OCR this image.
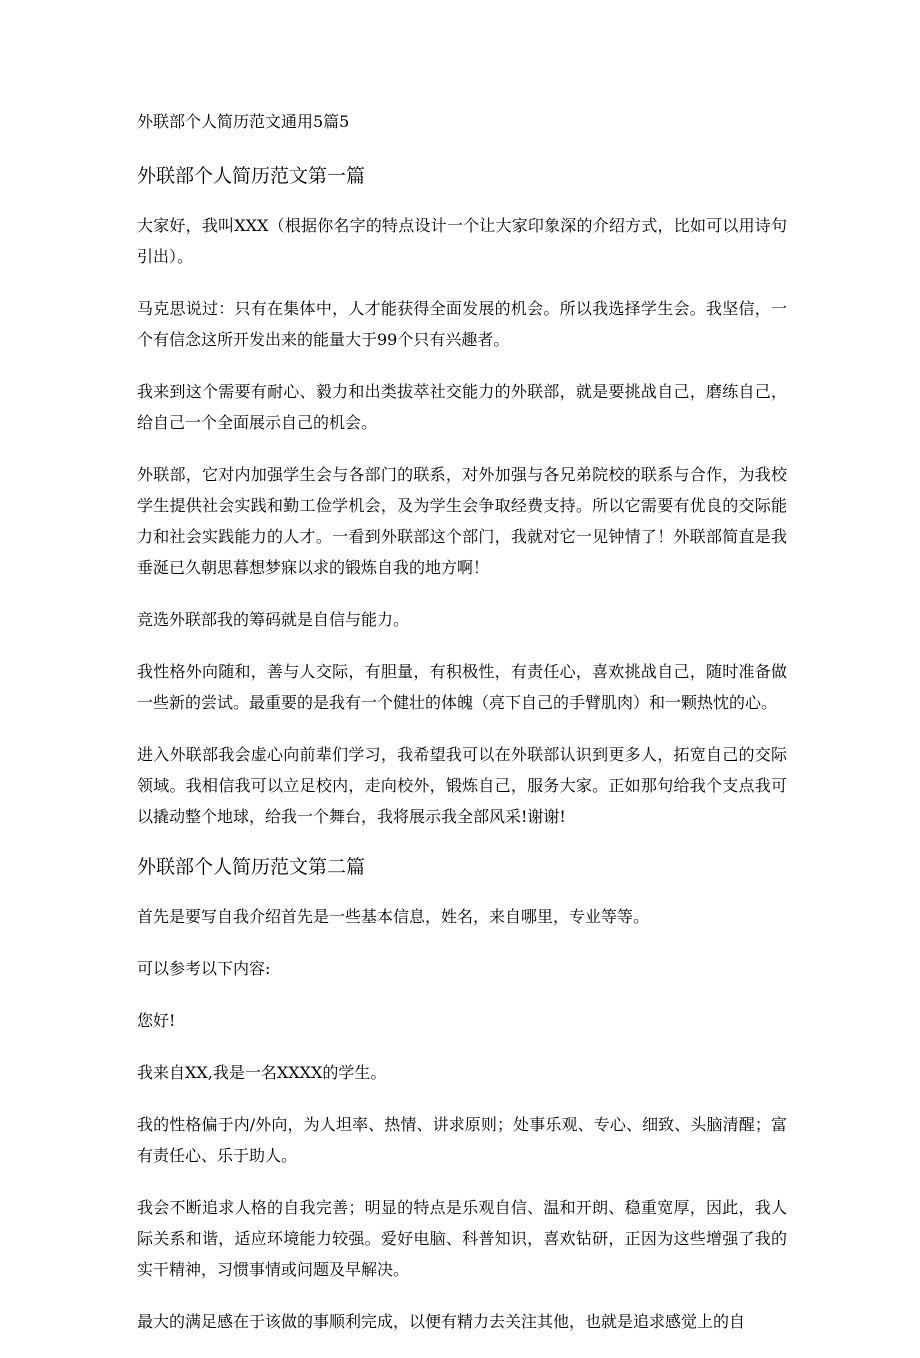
外联部个人简历范文通用5篇5
外联部个人简历范文第一篇

大家好，我叫XXX（根据你名字的特点设计一个让大家印象深的介绍方式，比如可以用诗句引出）。

马克思说过：只有在集体中，人才能获得全面发展的机会。所以我选择学生会。我坚信，一个有信念这所开发出来的能量大于99个只有兴趣者。

我来到这个需要有耐心、毅力和出类拔萃社交能力的外联部，就是要挑战自己，磨练自己，给自己一个全面展示自己的机会。

外联部，它对内加强学生会与各部门的联系，对外加强与各兄弟院校的联系与合作，为我校学生提供社会实践和勤工俭学机会，及为学生会争取经费支持。所以它需要有优良的交际能力和社会实践能力的人才。一看到外联部这个部门，我就对它一见钟情了！外联部简直是我垂涎已久朝思暮想梦寐以求的锻炼自我的地方啊！

竞选外联部我的筹码就是自信与能力。

我性格外向随和，善与人交际，有胆量，有积极性，有责任心，喜欢挑战自己，随时准备做一些新的尝试。最重要的是我有一个健壮的体魄（亮下自己的手臂肌肉）和一颗热忱的心。

进入外联部我会虚心向前辈们学习，我希望我可以在外联部认识到更多人，拓宽自己的交际领域。我相信我可以立足校内，走向校外，锻炼自己，服务大家。正如那句给我个支点我可以撬动整个地球，给我一个舞台，我将展示我全部风采!谢谢!

外联部个人简历范文第二篇

首先是要写自我介绍首先是一些基本信息，姓名，来自哪里，专业等等。

可以参考以下内容:

您好!

我来自XX,我是一名XXXX的学生。

我的性格偏于内/外向，为人坦率、热情、讲求原则；处事乐观、专心、细致、头脑清醒；富有责任心、乐于助人。

我会不断追求人格的自我完善；明显的特点是乐观自信、温和开朗、稳重宽厚，因此，我人际关系和谐，适应环境能力较强。爱好电脑、科普知识，喜欢钻研，正因为这些增强了我的实干精神，习惯事情或问题及早解决。

最大的满足感在于该做的事顺利完成，以便有精力去关注其他，也就是追求感觉上的自
